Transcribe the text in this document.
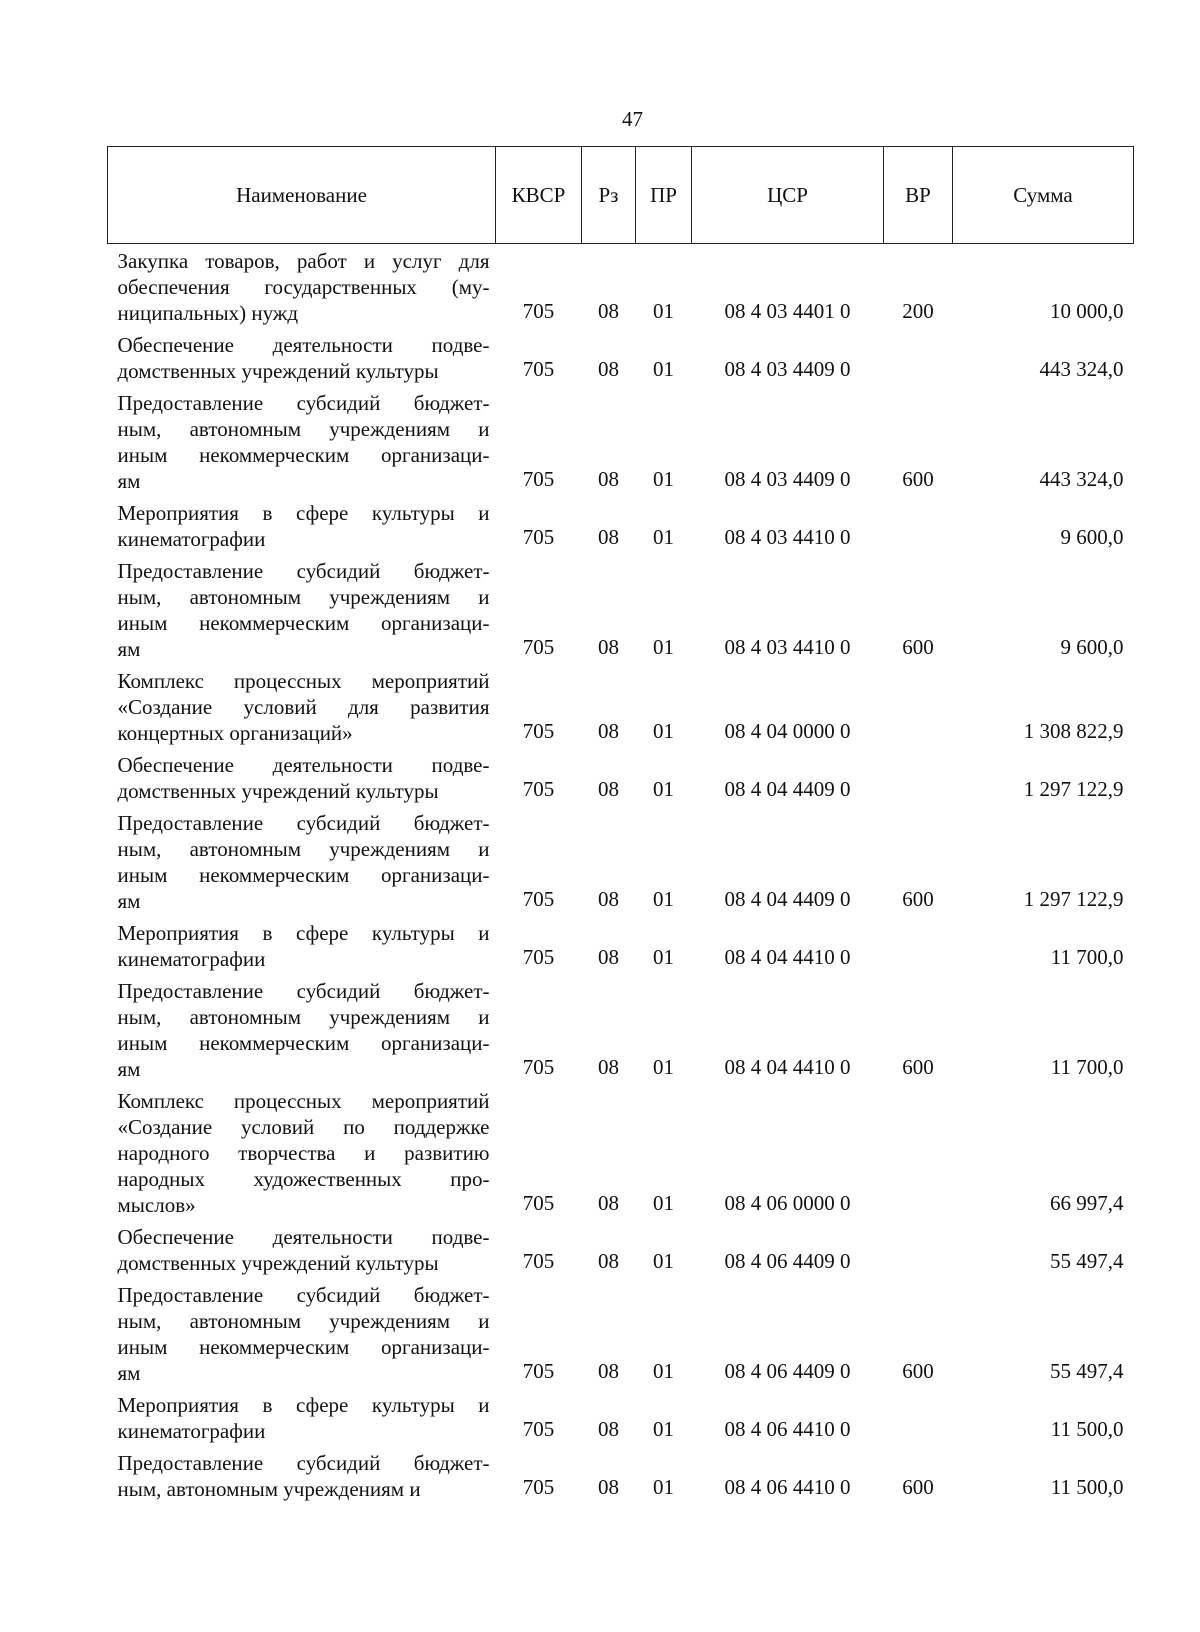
47
Наименование	КВСР	Рз	ПР	ЦСР	ВР	Сумма

Закупка товаров, работ и услуг для
обеспечения государственных (му-
ниципальных) нужд	705	08	01	08 4 03 4401 0	200	10 000,0

Обеспечение деятельности подве-
домственных учреждений культуры	705	08	01	08 4 03 4409 0		443 324,0

Предоставление субсидий бюджет-
ным, автономным учреждениям и
иным некоммерческим организаци-
ям	705	08	01	08 4 03 4409 0	600	443 324,0

Мероприятия в сфере культуры и
кинематографии	705	08	01	08 4 03 4410 0		9 600,0

Предоставление субсидий бюджет-
ным, автономным учреждениям и
иным некоммерческим организаци-
ям	705	08	01	08 4 03 4410 0	600	9 600,0

Комплекс процессных мероприятий
«Создание условий для развития
концертных организаций»	705	08	01	08 4 04 0000 0		1 308 822,9

Обеспечение деятельности подве-
домственных учреждений культуры	705	08	01	08 4 04 4409 0		1 297 122,9

Предоставление субсидий бюджет-
ным, автономным учреждениям и
иным некоммерческим организаци-
ям	705	08	01	08 4 04 4409 0	600	1 297 122,9

Мероприятия в сфере культуры и
кинематографии	705	08	01	08 4 04 4410 0		11 700,0

Предоставление субсидий бюджет-
ным, автономным учреждениям и
иным некоммерческим организаци-
ям	705	08	01	08 4 04 4410 0	600	11 700,0

Комплекс процессных мероприятий
«Создание условий по поддержке
народного творчества и развитию
народных художественных про-
мыслов»	705	08	01	08 4 06 0000 0		66 997,4

Обеспечение деятельности подве-
домственных учреждений культуры	705	08	01	08 4 06 4409 0		55 497,4

Предоставление субсидий бюджет-
ным, автономным учреждениям и
иным некоммерческим организаци-
ям	705	08	01	08 4 06 4409 0	600	55 497,4

Мероприятия в сфере культуры и
кинематографии	705	08	01	08 4 06 4410 0		11 500,0

Предоставление субсидий бюджет-
ным, автономным учреждениям и	705	08	01	08 4 06 4410 0	600	11 500,0
